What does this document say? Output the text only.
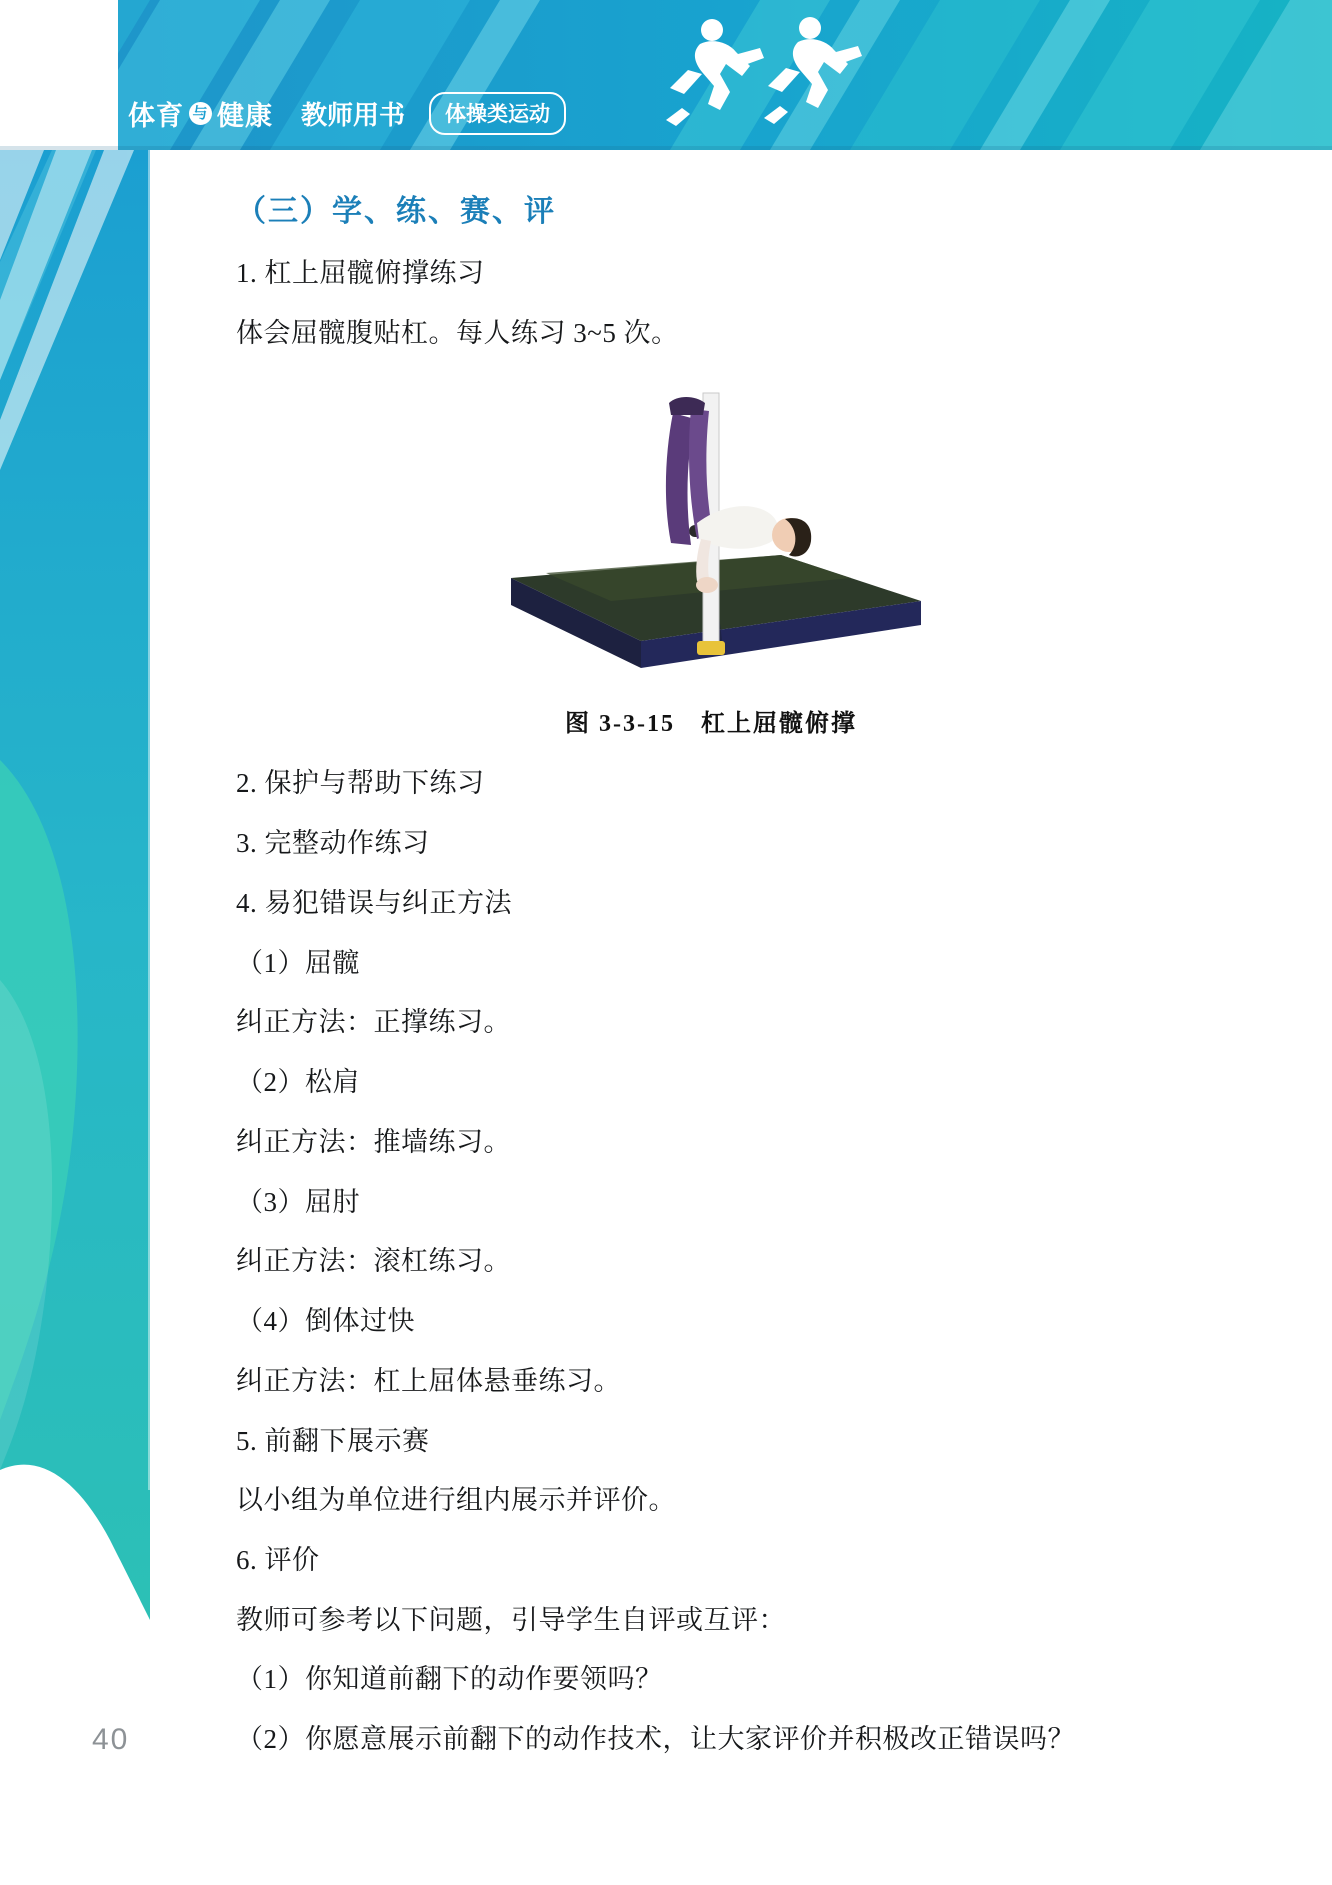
体育 与 健康 教师用书	体操类运动
（三）学、练、赛、评

1. 杠上屈髋俯撑练习

体会屈髋腹贴杠。每人练习 3~5 次。

图 3-3-15　杠上屈髋俯撑

2. 保护与帮助下练习

3. 完整动作练习

4. 易犯错误与纠正方法

（1）屈髋

纠正方法：正撑练习。

（2）松肩

纠正方法：推墙练习。

（3）屈肘

纠正方法：滚杠练习。

（4）倒体过快

纠正方法：杠上屈体悬垂练习。

5. 前翻下展示赛

以小组为单位进行组内展示并评价。

6. 评价

教师可参考以下问题，引导学生自评或互评：

（1）你知道前翻下的动作要领吗？

（2）你愿意展示前翻下的动作技术，让大家评价并积极改正错误吗？

40
